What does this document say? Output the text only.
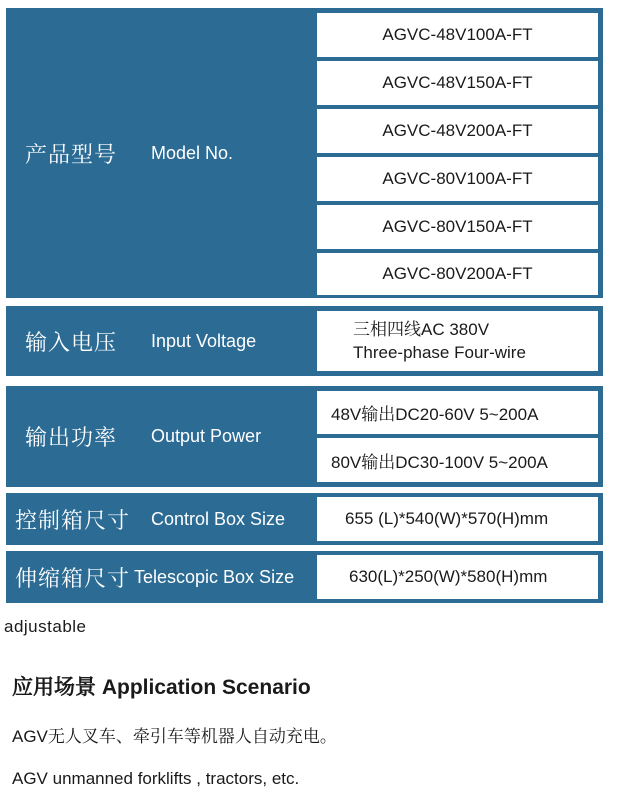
产品型号 Model No.
AGVC-48V100A-FT
AGVC-48V150A-FT
AGVC-48V200A-FT
AGVC-80V100A-FT
AGVC-80V150A-FT
AGVC-80V200A-FT
输入电压 Input Voltage
三相四线AC 380V
Three-phase Four-wire
输出功率 Output Power
48V输出DC20-60V 5~200A
80V输出DC30-100V 5~200A
控制箱尺寸 Control Box Size	655 (L)*540(W)*570(H)mm
伸缩箱尺寸 Telescopic Box Size	630(L)*250(W)*580(H)mm
adjustable
应用场景 Application Scenario
AGV无人叉车、牵引车等机器人自动充电。
AGV unmanned forklifts , tractors, etc.
